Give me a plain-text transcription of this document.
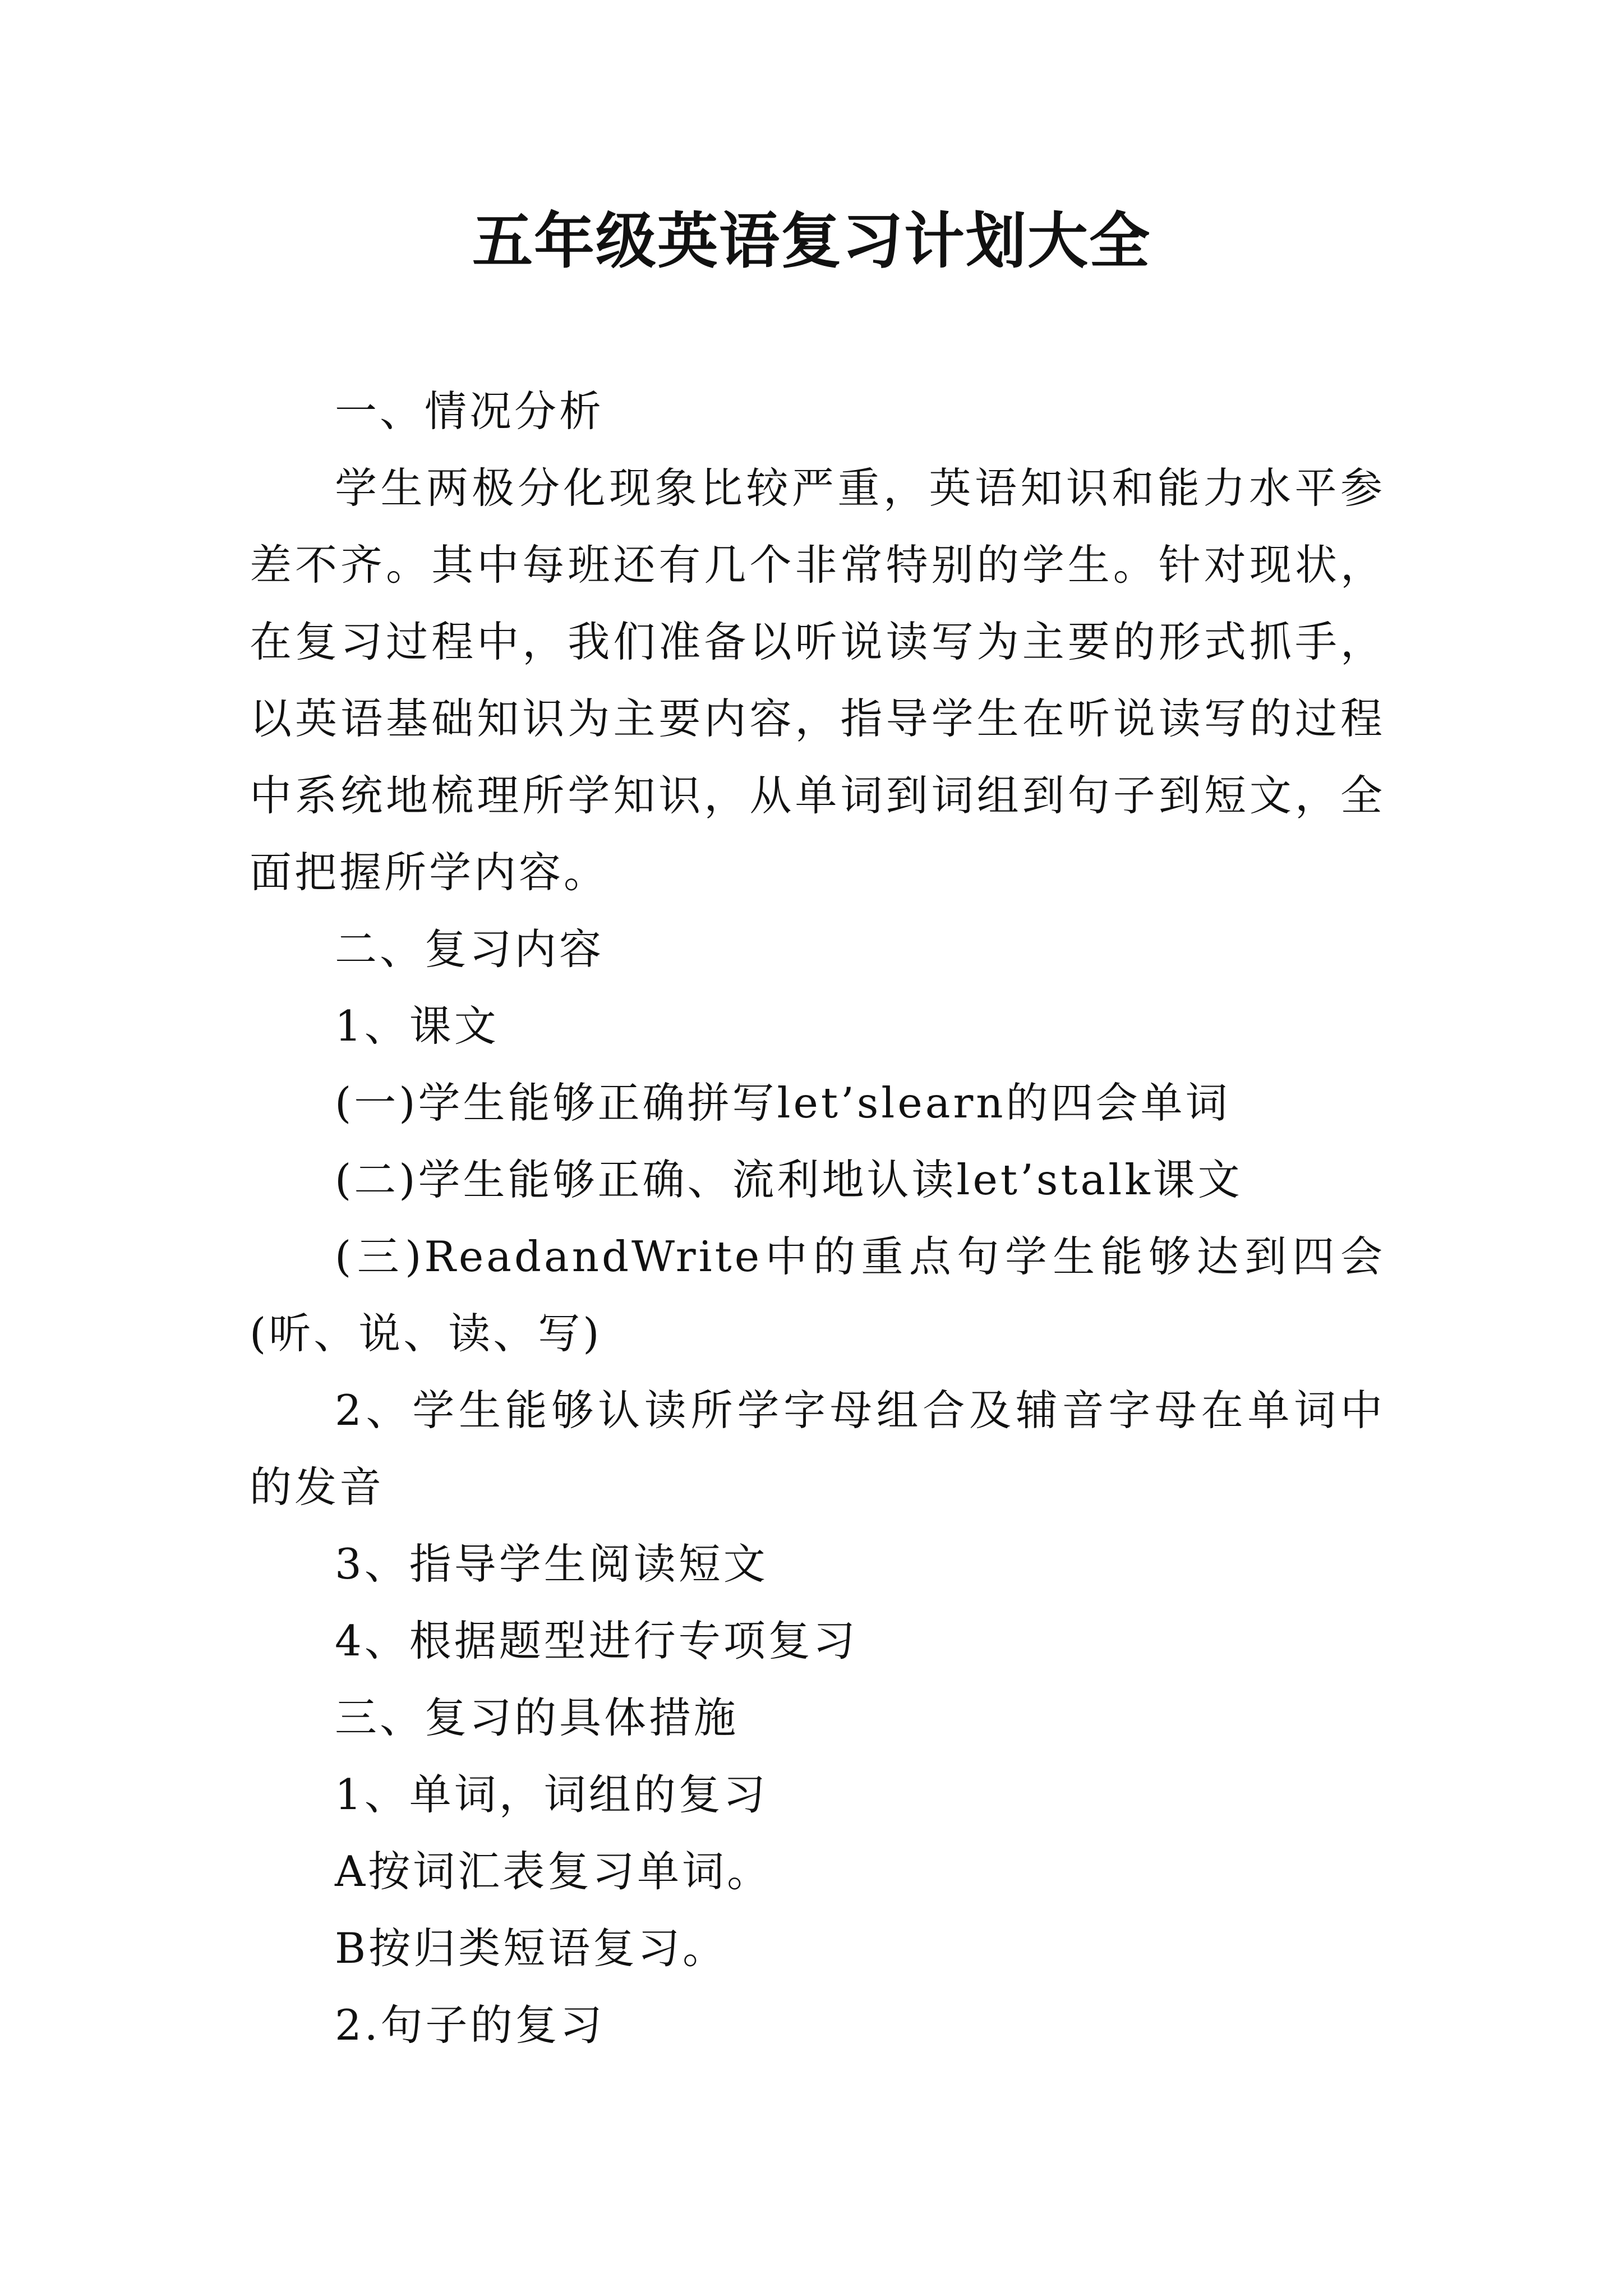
五年级英语复习计划大全

一、情况分析

学生两极分化现象比较严重，英语知识和能力水平参差不齐。其中每班还有几个非常特别的学生。针对现状，在复习过程中，我们准备以听说读写为主要的形式抓手，以英语基础知识为主要内容，指导学生在听说读写的过程中系统地梳理所学知识，从单词到词组到句子到短文，全面把握所学内容。

二、复习内容

1、课文

(一)学生能够正确拼写let’slearn的四会单词

(二)学生能够正确、流利地认读let’stalk课文

(三)ReadandWrite中的重点句学生能够达到四会(听、说、读、写)

2、学生能够认读所学字母组合及辅音字母在单词中的发音

3、指导学生阅读短文

4、根据题型进行专项复习

三、复习的具体措施

1、单词，词组的复习

A按词汇表复习单词。

B按归类短语复习。

2.句子的复习
